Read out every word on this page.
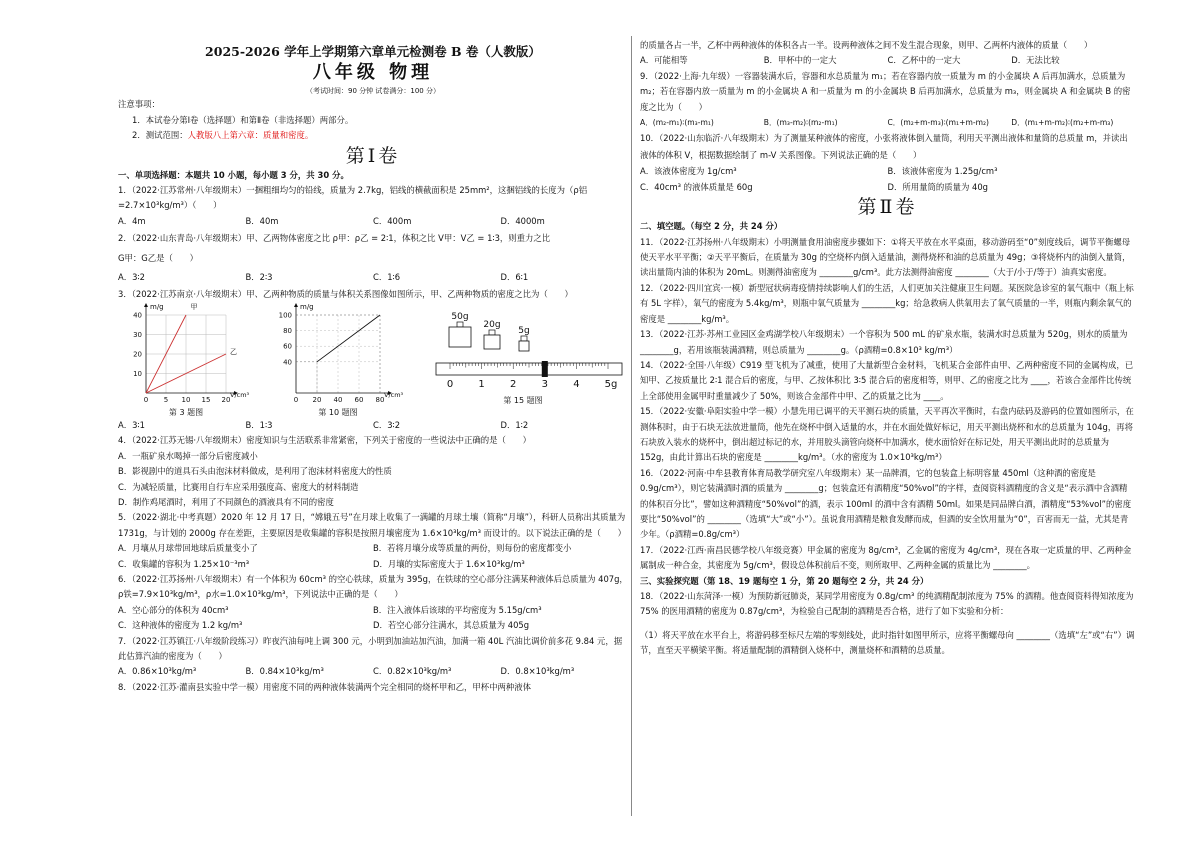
2025-2026 学年上学期第六章单元检测卷 B 卷（人教版）

八年级 物理

（考试时间：90 分钟 试卷满分：100 分）

注意事项：

1．本试卷分第Ⅰ卷（选择题）和第Ⅱ卷（非选择题）两部分。

2．测试范围：人教版八上第六章：质量和密度。

第Ⅰ卷

一、单项选择题：本题共 10 小题，每小题 3 分，共 30 分。

1．（2022·江苏常州·八年级期末）一捆粗细均匀的铅线，质量为 2.7kg，铝线的横截面积是 25mm²，这捆铝线的长度为（ρ铝=2.7×10³kg/m³）（　　）

A．4m	B．40m	C．400m	D．4000m

2．（2022·山东青岛·八年级期末）甲、乙两物体密度之比 ρ甲：ρ乙 = 2∶1，体积之比 V甲：V乙 = 1∶3，则重力之比

G甲：G乙是（　　）

A．3∶2	B．2∶3	C．1∶6	D．6∶1

3．（2022·江苏南京·八年级期末）甲、乙两种物质的质量与体积关系图像如图所示，甲、乙两种物质的密度之比为（　　）

10
20
30
40
0 5 10 15 20
m/g
V/cm³
甲
乙
第 3 题图
40
60
80
100
0 20 40 60 80
m/g
V/cm³
第 10 题图
50g
20g
5g
0	1	2	3	4	5g
第 15 题图
A．3∶1	B．1∶3	C．3∶2	D．1∶2

4．（2022·江苏无锡·八年级期末）密度知识与生活联系非常紧密，下列关于密度的一些说法中正确的是（　　）

A．一瓶矿泉水喝掉一部分后密度减小

B．影视剧中的道具石头由泡沫材料做成，是利用了泡沫材料密度大的性质

C．为减轻质量，比赛用自行车应采用强度高、密度大的材料制造

D．制作鸡尾酒时，利用了不同颜色的酒液具有不同的密度

5．（2022·湖北·中考真题）2020 年 12 月 17 日，“嫦娥五号”在月球上收集了一满罐的月球土壤（简称“月壤”），科研人员称出其质量为 1731g，与计划的 2000g 存在差距，主要原因是收集罐的容积是按照月壤密度为 1.6×10³kg/m³ 而设计的。以下说法正确的是（　　）

A．月壤从月球带回地球后质量变小了	B．若将月壤分成等质量的两份，则每份的密度都变小
C．收集罐的容积为 1.25×10⁻³m³	D．月壤的实际密度大于 1.6×10³kg/m³

6．（2022·江苏扬州·八年级期末）有一个体积为 60cm³ 的空心铁球，质量为 395g，在铁球的空心部分注满某种液体后总质量为 407g，ρ铁=7.9×10³kg/m³，ρ水=1.0×10³kg/m³，下列说法中正确的是（　　）

A．空心部分的体积为 40cm³	B．注入液体后该球的平均密度为 5.15g/cm³
C．这种液体的密度为 1.2 kg/m³	D．若空心部分注满水，其总质量为 405g

7．（2022·江苏镇江·八年级阶段练习）昨夜汽油每吨上调 300 元，小明到加油站加汽油，加满一箱 40L 汽油比调价前多花 9.84 元，据此估算汽油的密度为（　　）

A．0.86×10³kg/m³	B．0.84×10³kg/m³	C．0.82×10³kg/m³	D．0.8×10³kg/m³

8．（2022·江苏·灌南县实验中学一模）用密度不同的两种液体装满两个完全相同的烧杯甲和乙，甲杯中两种液体

的质量各占一半，乙杯中两种液体的体积各占一半。设两种液体之间不发生混合现象，则甲、乙两杯内液体的质量（　　）

A．可能相等	B．甲杯中的一定大	C．乙杯中的一定大	D．无法比较

9．（2022·上海·九年级）一容器装满水后，容器和水总质量为 m₁；若在容器内放一质量为 m 的小金属块 A 后再加满水，总质量为 m₂；若在容器内放一质量为 m 的小金属块 A 和一质量为 m 的小金属块 B 后再加满水，总质量为 m₃，则金属块 A 和金属块 B 的密度之比为（　　）

A．(m₂-m₁)∶(m₃-m₁)	B．(m₃-m₂)∶(m₂-m₁)	C．(m₂+m-m₃)∶(m₁+m-m₂)	D．(m₁+m-m₂)∶(m₂+m-m₃)

10．（2022·山东临沂·八年级期末）为了测量某种液体的密度，小张将液体倒入量筒，利用天平测出液体和量筒的总质量 m，并读出液体的体积 V，根据数据绘制了 m-V 关系图像。下列说法正确的是（　　）

A．该液体密度为 1g/cm³	B．该液体密度为 1.25g/cm³
C．40cm³ 的液体质量是 60g	D．所用量筒的质量为 40g

第Ⅱ卷

二、填空题。（每空 2 分，共 24 分）

11．（2022·江苏扬州·八年级期末）小明测量食用油密度步骤如下：①将天平放在水平桌面，移动游码至“0”刻度线后，调节平衡螺母使天平水平平衡；②天平平衡后，在质量为 30g 的空烧杯内倒入适量油，测得烧杯和油的总质量为 49g；③将烧杯内的油倒入量筒，读出量筒内油的体积为 20mL。则测得油密度为 ________g/cm³。此方法测得油密度 ________（大于/小于/等于）油真实密度。

12．（2022·四川宜宾·一模）新型冠状病毒疫情持续影响人们的生活，人们更加关注健康卫生问题。某医院急诊室的氧气瓶中（瓶上标有 5L 字样），氧气的密度为 5.4kg/m³，则瓶中氧气质量为 ________kg；给急救病人供氧用去了氧气质量的一半，则瓶内剩余氧气的密度是 ________kg/m³。

13．（2022·江苏·苏州工业园区金鸡湖学校八年级期末）一个容积为 500 mL 的矿泉水瓶，装满水时总质量为 520g，则水的质量为 ________g，若用该瓶装满酒精，则总质量为 ________g。（ρ酒精=0.8×10³ kg/m³）

14．（2022·全国·八年级）C919 型飞机为了减重，使用了大量新型合金材料，飞机某合金部件由甲、乙两种密度不同的金属构成，已知甲、乙按质量比 2∶1 混合后的密度，与甲、乙按体积比 3∶5 混合后的密度相等，则甲、乙的密度之比为 ____，若该合金部件比传统上全部使用金属甲时重量减少了 50%，则该合金部件中甲、乙的质量之比为 ____。

15．（2022·安徽·阜阳实验中学一模）小慧先用已调平的天平测石块的质量，天平再次平衡时，右盘内砝码及游码的位置如图所示，在测体积时，由于石块无法放进量筒，他先在烧杯中倒入适量的水，并在水面处做好标记，用天平测出烧杯和水的总质量为 104g，再将石块放入装水的烧杯中，倒出超过标记的水，并用胶头滴管向烧杯中加满水，使水面恰好在标记处，用天平测出此时的总质量为 152g，由此计算出石块的密度是 ________kg/m³。（水的密度为 1.0×10³kg/m³）

16．（2022·河南·中牟县教育体育局教学研究室八年级期末）某一品牌酒，它的包装盒上标明容量 450ml（这种酒的密度是 0.9g/cm³），则它装满酒时酒的质量为 ________g；包装盒还有酒精度“50%vol”的字样，查阅资料酒精度的含义是“表示酒中含酒精的体积百分比”，譬如这种酒精度“50%vol”的酒，表示 100ml 的酒中含有酒精 50ml。如果是同品牌白酒，酒精度“53%vol”的密度要比“50%vol”的 ________（选填“大”或“小”）。虽说食用酒精是粮食发酵而成，但酒的安全饮用量为“0”，百害而无一益，尤其是青少年。（ρ酒精=0.8g/cm³）

17．（2022·江西·南昌民德学校八年级竞赛）甲金属的密度为 8g/cm³，乙金属的密度为 4g/cm³，现在各取一定质量的甲、乙两种金属制成一种合金，其密度为 5g/cm³，假设总体积前后不变，则所取甲、乙两种金属的质量比为 ________。

三、实验探究题（第 18、19 题每空 1 分，第 20 题每空 2 分，共 24 分）

18．（2022·山东菏泽·一模）为预防新冠肺炎，某同学用密度为 0.8g/cm³ 的纯酒精配制浓度为 75% 的酒精。他查阅资料得知浓度为 75% 的医用酒精的密度为 0.87g/cm³，为检验自己配制的酒精是否合格，进行了如下实验和分析：

（1）将天平放在水平台上，将游码移至标尺左端的零刻线处，此时指针如图甲所示，应将平衡螺母向 ________（选填“左”或“右”）调节，直至天平横梁平衡。将适量配制的酒精倒入烧杯中，测量烧杯和酒精的总质量。
